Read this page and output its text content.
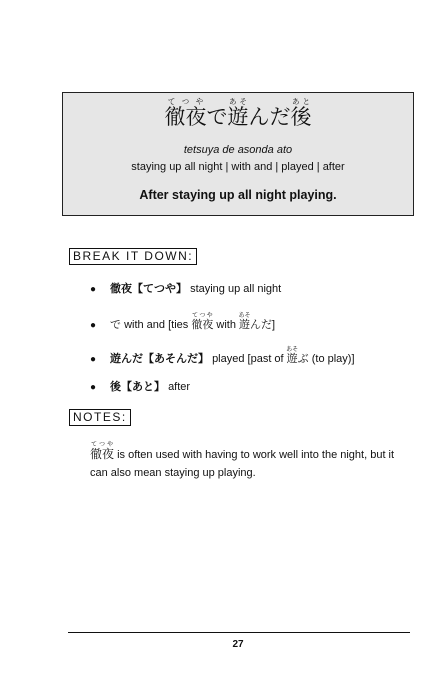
徹夜てつやで遊あそんだ後あと
tetsuya de asonda ato
staying up all night | with and | played | after
After staying up all night playing.
BREAK IT DOWN:
● 徹夜【てつや】 staying up all night
● で with and [ties 徹夜てつや with 遊あそんだ]
● 遊んだ【あそんだ】 played [past of 遊あそぶ (to play)]
● 後【あと】 after
NOTES:
徹夜てつや is often used with having to work well into the night, but it can also mean staying up playing.
27
